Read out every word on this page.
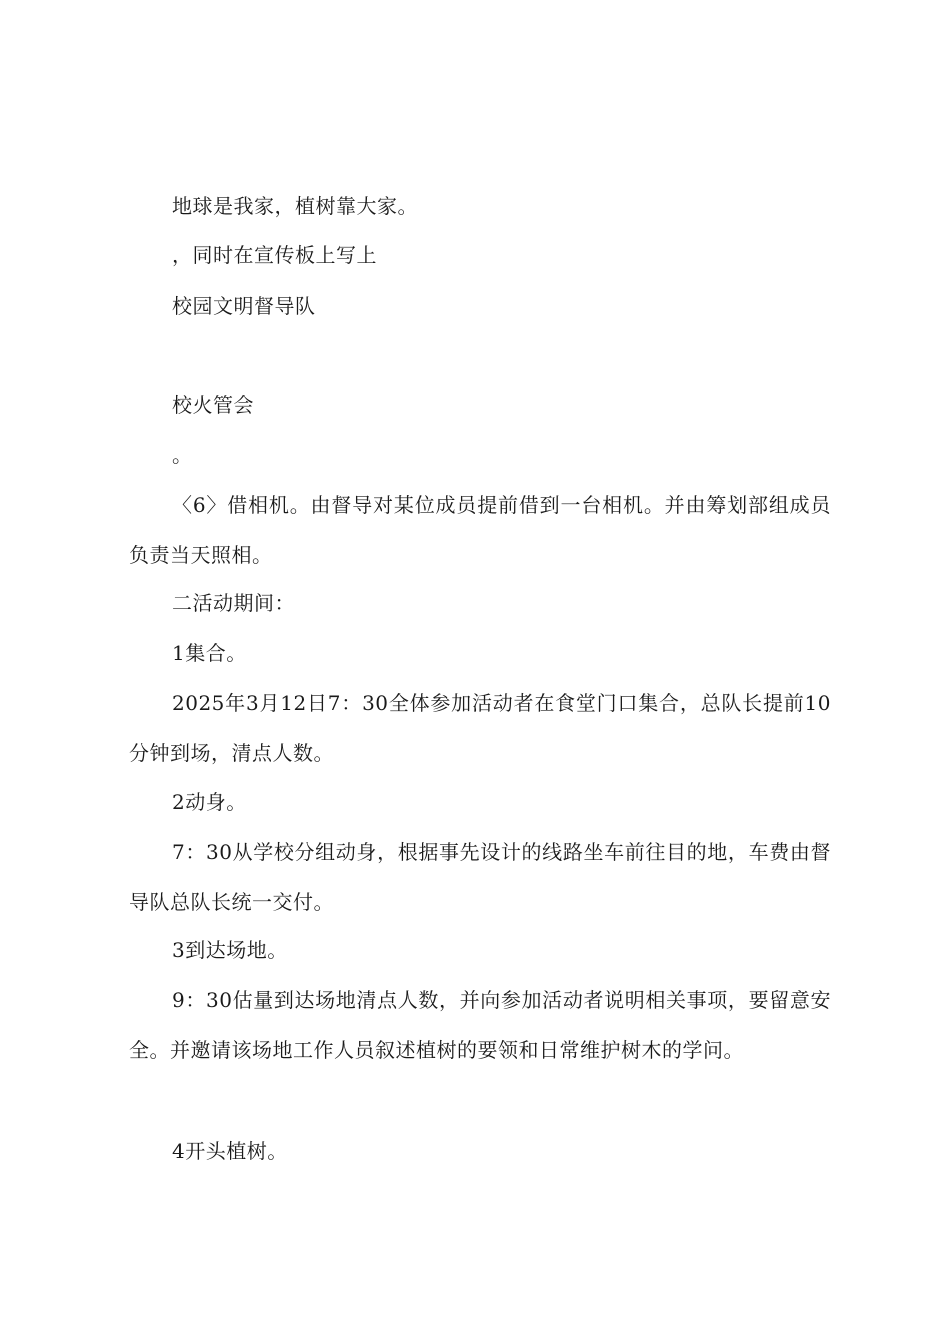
地球是我家，植树靠大家。

，同时在宣传板上写上

校园文明督导队

校火管会

。

〈6〉借相机。由督导对某位成员提前借到一台相机。并由筹划部组成员负责当天照相。

二活动期间：

1集合。

2025年3月12日7：30全体参加活动者在食堂门口集合，总队长提前10分钟到场，清点人数。

2动身。

7：30从学校分组动身，根据事先设计的线路坐车前往目的地，车费由督导队总队长统一交付。

3到达场地。

9：30估量到达场地清点人数，并向参加活动者说明相关事项，要留意安全。并邀请该场地工作人员叙述植树的要领和日常维护树木的学问。

4开头植树。
